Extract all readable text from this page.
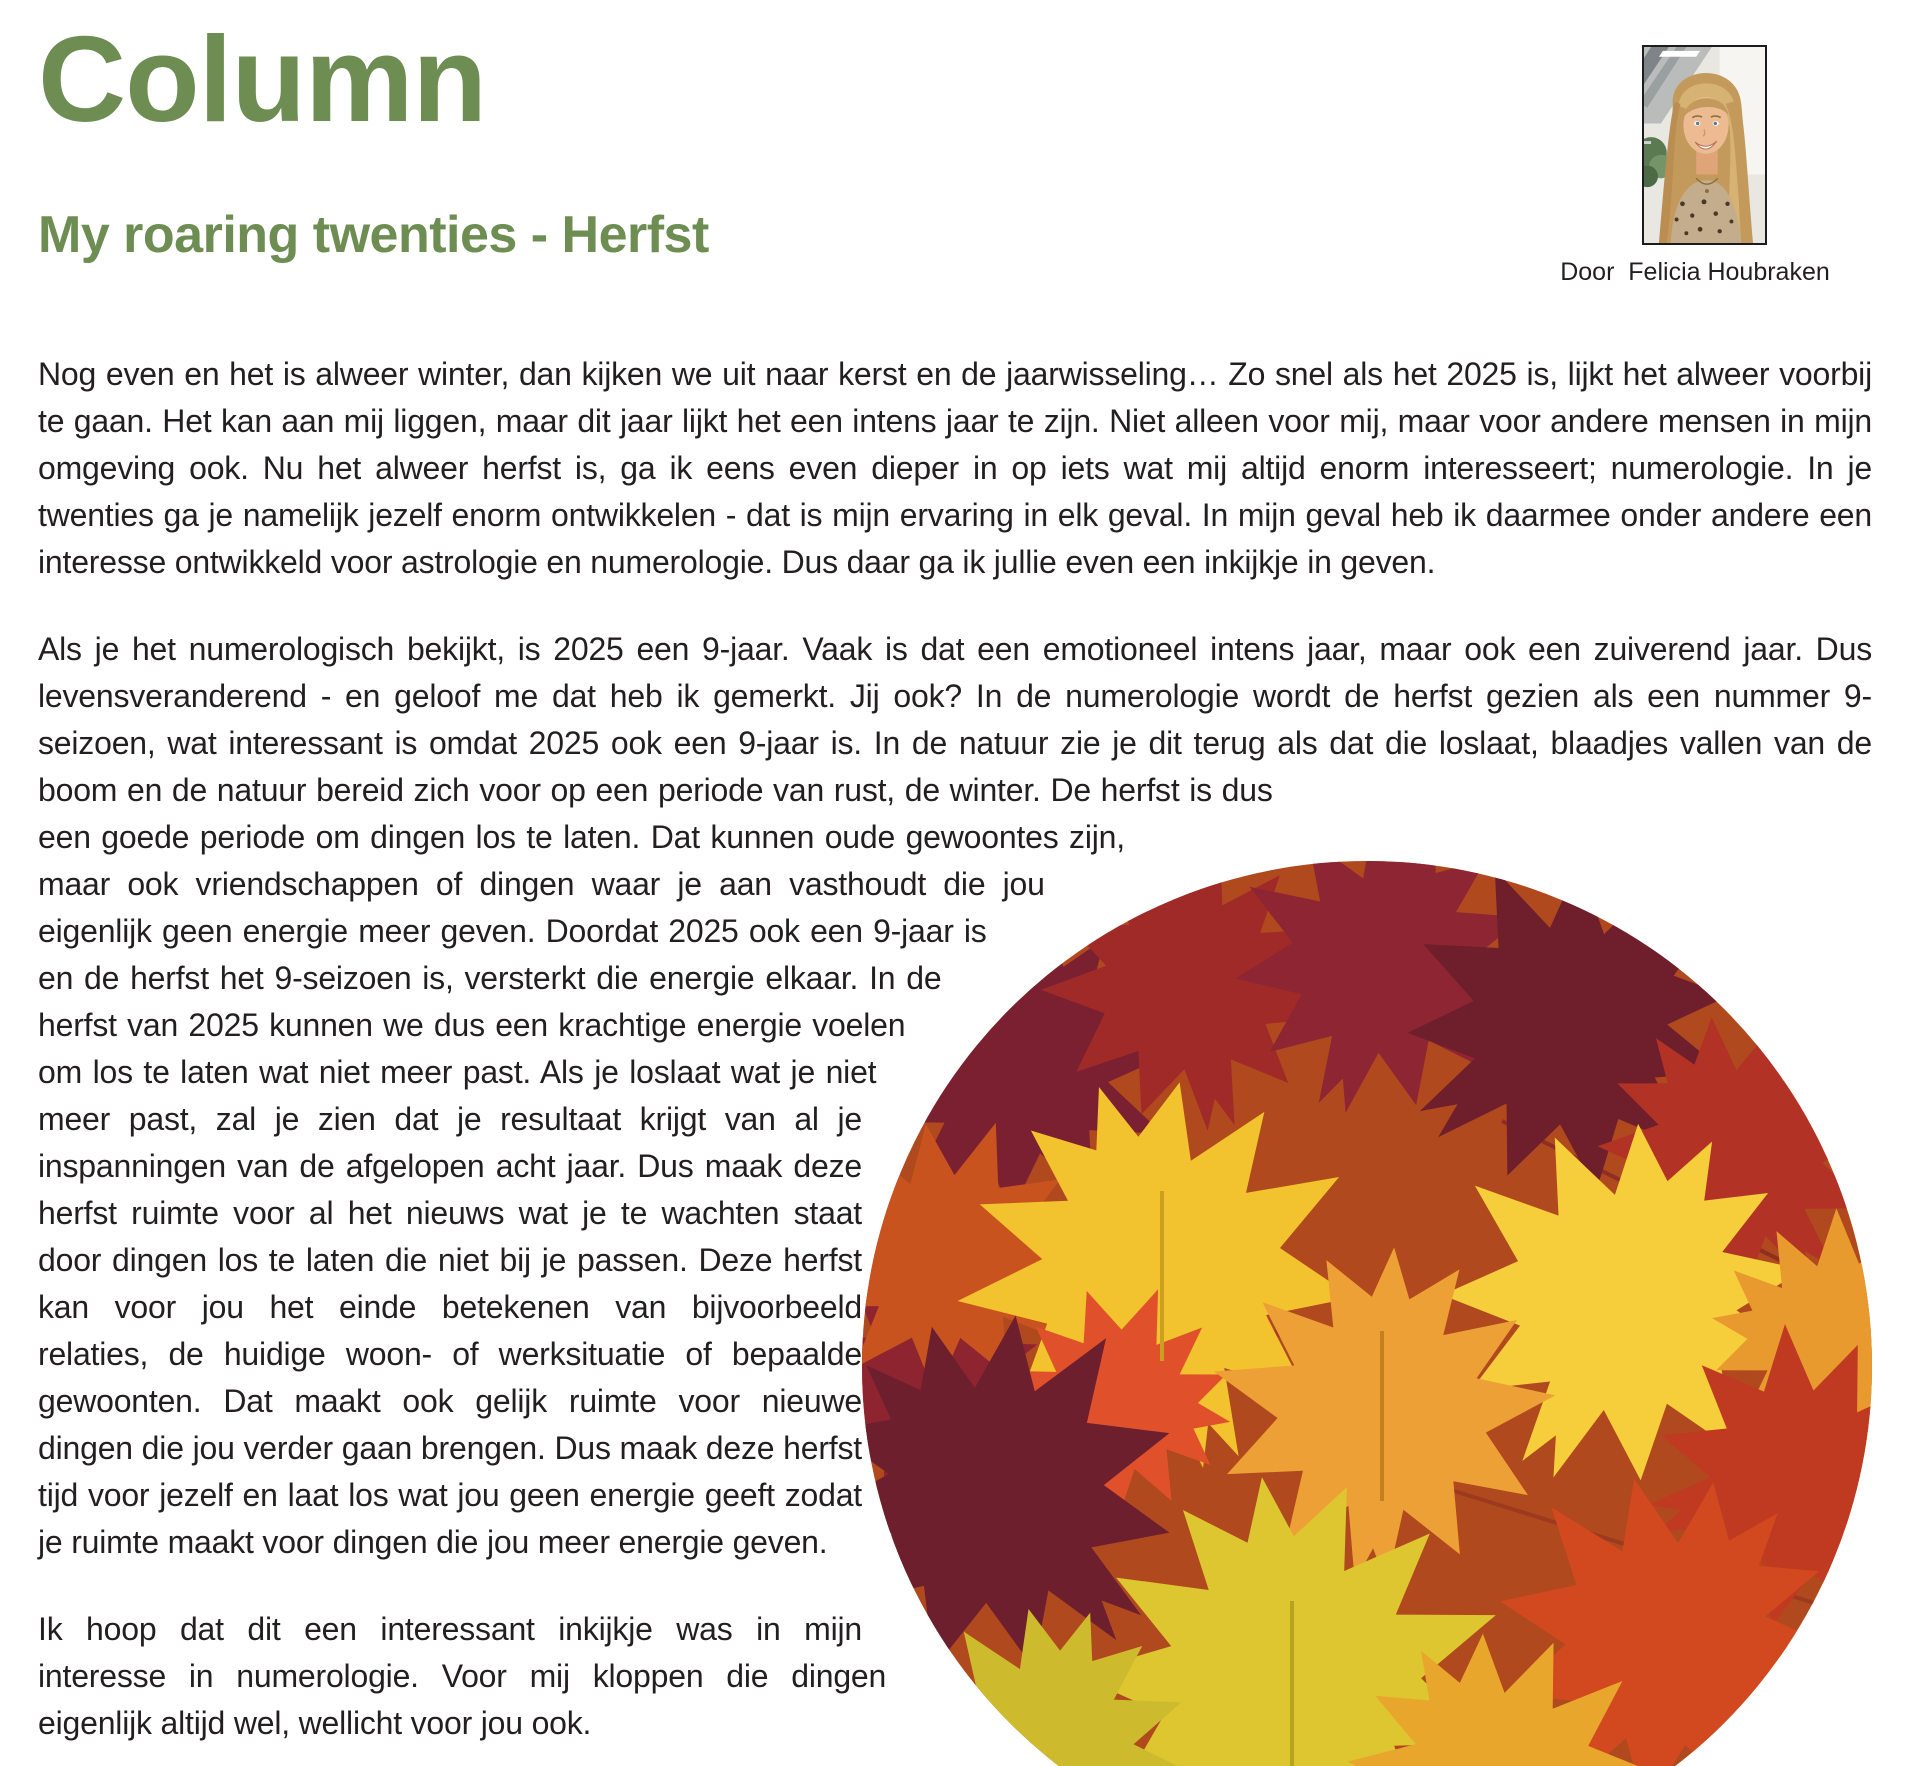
Door  Felicia Houbraken
Column
My roaring twenties - Herfst

Nog even en het is alweer winter, dan kijken we uit naar kerst en de jaarwisseling… Zo snel als het 2025 is, lijkt het alweer voorbij te gaan. Het kan aan mij liggen, maar dit jaar lijkt het een intens jaar te zijn. Niet alleen voor mij, maar voor andere mensen in mijn omgeving ook. Nu het alweer herfst is, ga ik eens even dieper in op iets wat mij altijd enorm interesseert; numerologie. In je twenties ga je namelijk jezelf enorm ontwikkelen - dat is mijn ervaring in elk geval. In mijn geval heb ik daarmee onder andere een interesse ontwikkeld voor astrologie en numerologie. Dus daar ga ik jullie even een inkijkje in geven.

Als je het numerologisch bekijkt, is 2025 een 9-jaar. Vaak is dat een emotioneel intens jaar, maar ook een zuiverend jaar. Dus levensveranderend - en geloof me dat heb ik gemerkt. Jij ook? In de numerologie wordt de herfst gezien als een nummer 9-seizoen, wat interessant is omdat 2025 ook een 9-jaar is. In de natuur zie je dit terug als dat die loslaat, blaadjes vallen van de boom en de natuur bereid zich voor op een periode van rust, de winter. De herfst is dus een goede periode om dingen los te laten. Dat kunnen oude gewoontes zijn, maar ook vriendschappen of dingen waar je aan vasthoudt die jou eigenlijk geen energie meer geven. Doordat 2025 ook een 9-jaar is en de herfst het 9-seizoen is, versterkt die energie elkaar. In de herfst van 2025 kunnen we dus een krachtige energie voelen om los te laten wat niet meer past. Als je loslaat wat je niet meer past, zal je zien dat je resultaat krijgt van al je inspanningen van de afgelopen acht jaar. Dus maak deze herfst ruimte voor al het nieuws wat je te wachten staat door dingen los te laten die niet bij je passen. Deze herfst kan voor jou het einde betekenen van bijvoorbeeld relaties, de huidige woon- of werksituatie of bepaalde gewoonten. Dat maakt ook gelijk ruimte voor nieuwe dingen die jou verder gaan brengen. Dus maak deze herfst tijd voor jezelf en laat los wat jou geen energie geeft zodat je ruimte maakt voor dingen die jou meer energie geven.

Ik hoop dat dit een interessant inkijkje was in mijn interesse in numerologie. Voor mij kloppen die dingen eigenlijk altijd wel, wellicht voor jou ook.
